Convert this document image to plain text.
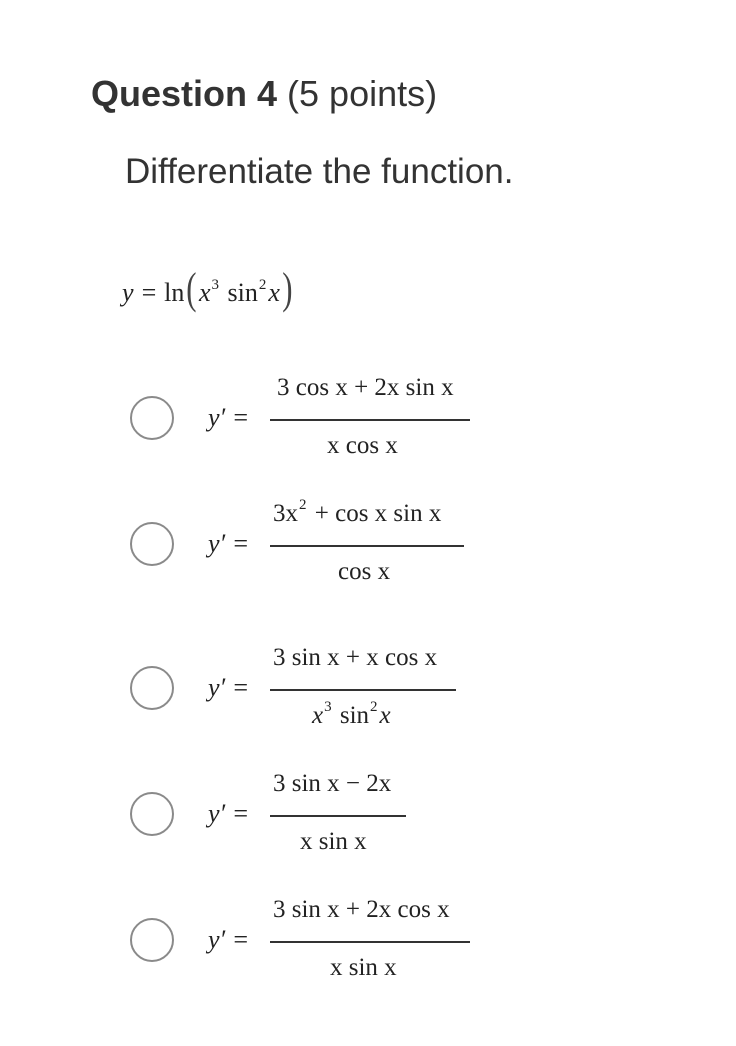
Question 4 (5 points)
Differentiate the function.
$y = \ln(x^3$ $\sin^2x$)
y′ =
3 cos x + 2x sin x
x cos x
y′ =
$3x^2 + \cos x$ sin x
cos x
y′ =
3 sin x + x cos x
$x^3$ $\sin^2x$
y′ =
3 sin x − 2x
x sin x
y′ =
3 sin x + 2x cos x
x sin x
